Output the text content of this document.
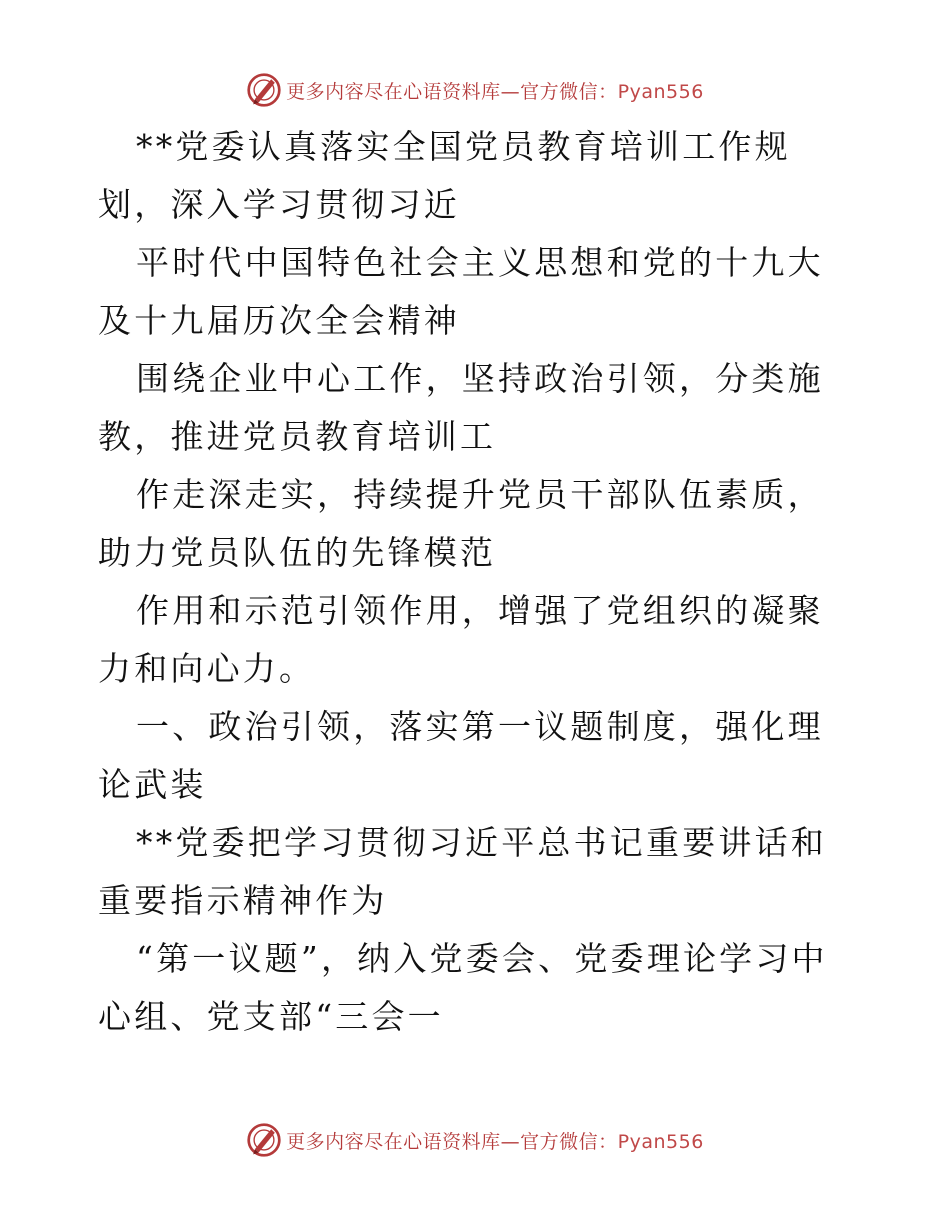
更多内容尽在心语资料库—官方微信：Pyan556

**党委认真落实全国党员教育培训工作规划，深入学习贯彻习近

平时代中国特色社会主义思想和党的十九大及十九届历次全会精神

围绕企业中心工作，坚持政治引领，分类施教，推进党员教育培训工

作走深走实，持续提升党员干部队伍素质，助力党员队伍的先锋模范

作用和示范引领作用，增强了党组织的凝聚力和向心力。

一、政治引领，落实第一议题制度，强化理论武装

**党委把学习贯彻习近平总书记重要讲话和重要指示精神作为

“第一议题”，纳入党委会、党委理论学习中心组、党支部“三会一

更多内容尽在心语资料库—官方微信：Pyan556
